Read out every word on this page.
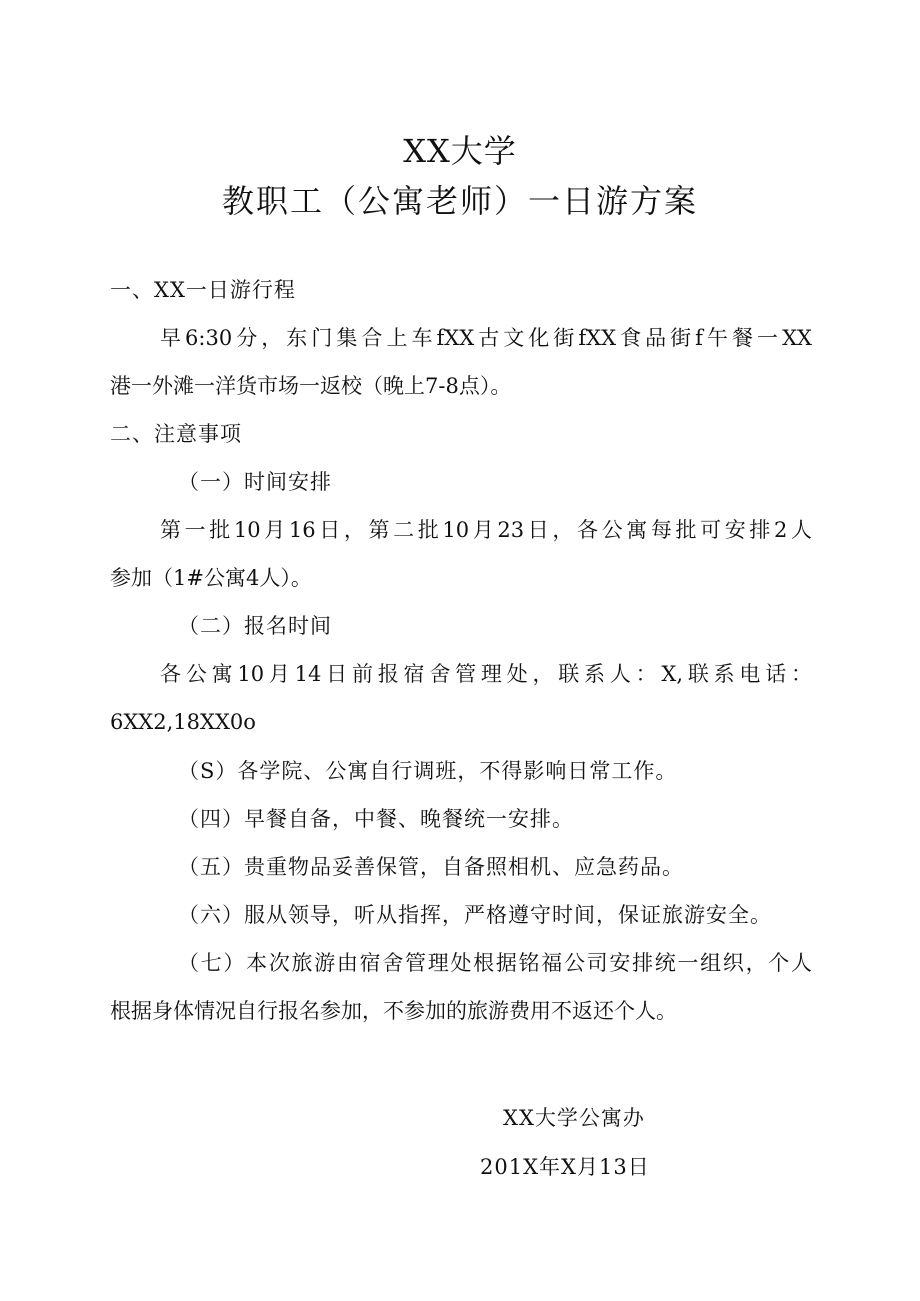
XX大学
教职工（公寓老师）一日游方案
一、XX一日游行程
早6:30分，东门集合上车fXX古文化街fXX食品街f午餐一XX
港一外滩一洋货市场一返校（晚上7-8点）。
二、注意事项
（一）时间安排
第一批10月16日，第二批10月23日，各公寓每批可安排2人
参加（1#公寓4人）。
（二）报名时间
各公寓10月14日前报宿舍管理处，联系人：X,联系电话：
6XX2,18XX0o
（S）各学院、公寓自行调班，不得影响日常工作。
（四）早餐自备，中餐、晚餐统一安排。
（五）贵重物品妥善保管，自备照相机、应急药品。
（六）服从领导，听从指挥，严格遵守时间，保证旅游安全。
（七）本次旅游由宿舍管理处根据铭福公司安排统一组织，个人
根据身体情况自行报名参加，不参加的旅游费用不返还个人。
XX大学公寓办
201X年X月13日
